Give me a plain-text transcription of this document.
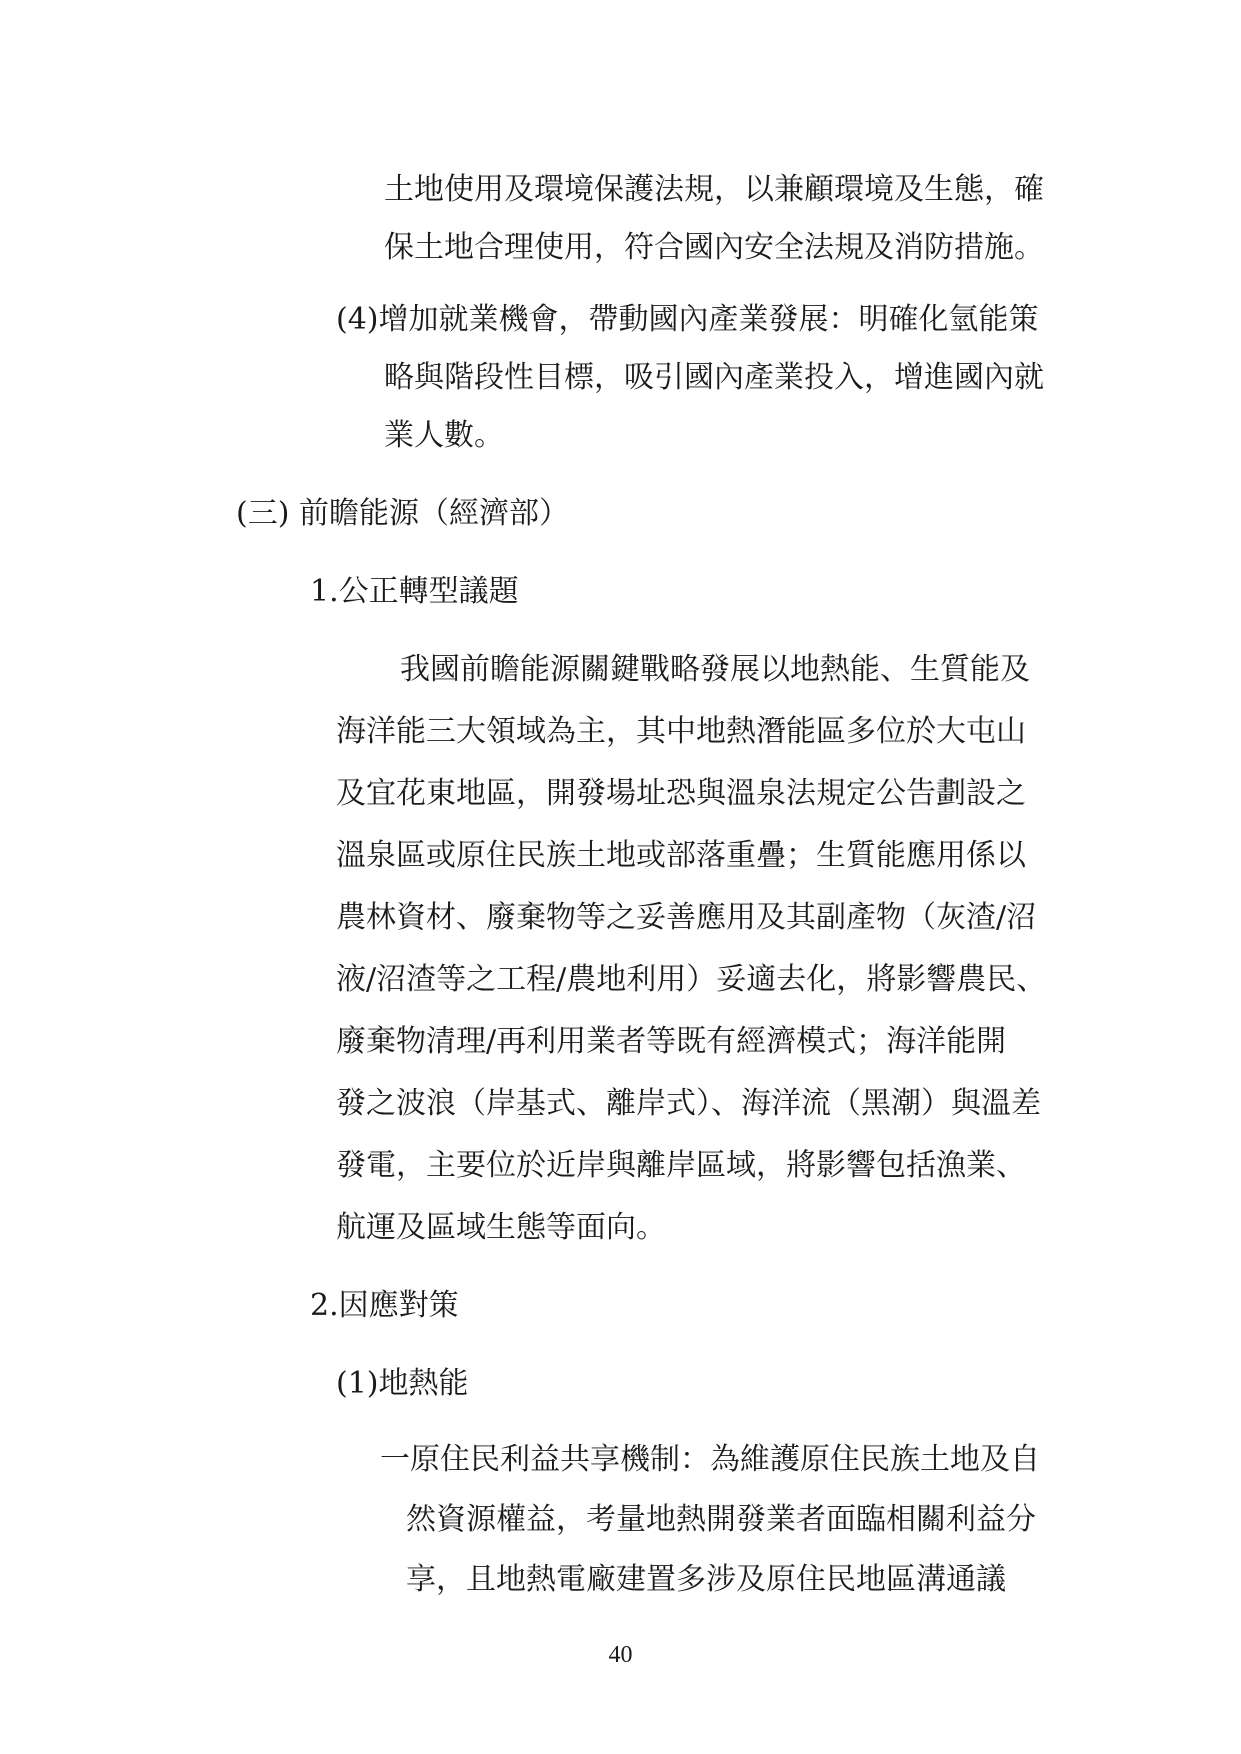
土地使用及環境保護法規，以兼顧環境及生態，確
保土地合理使用，符合國內安全法規及消防措施。
(4)增加就業機會，帶動國內產業發展：明確化氫能策
略與階段性目標，吸引國內產業投入，增進國內就
業人數。
(三) 前瞻能源（經濟部）
1.公正轉型議題
我國前瞻能源關鍵戰略發展以地熱能、生質能及
海洋能三大領域為主，其中地熱潛能區多位於大屯山
及宜花東地區，開發場址恐與溫泉法規定公告劃設之
溫泉區或原住民族土地或部落重疊；生質能應用係以
農林資材、廢棄物等之妥善應用及其副產物（灰渣/沼
液/沼渣等之工程/農地利用）妥適去化，將影響農民、
廢棄物清理/再利用業者等既有經濟模式；海洋能開
發之波浪（岸基式、離岸式）、海洋流（黑潮）與溫差
發電，主要位於近岸與離岸區域，將影響包括漁業、
航運及區域生態等面向。
2.因應對策
(1)地熱能
一原住民利益共享機制：為維護原住民族土地及自
然資源權益，考量地熱開發業者面臨相關利益分
享，且地熱電廠建置多涉及原住民地區溝通議
40
